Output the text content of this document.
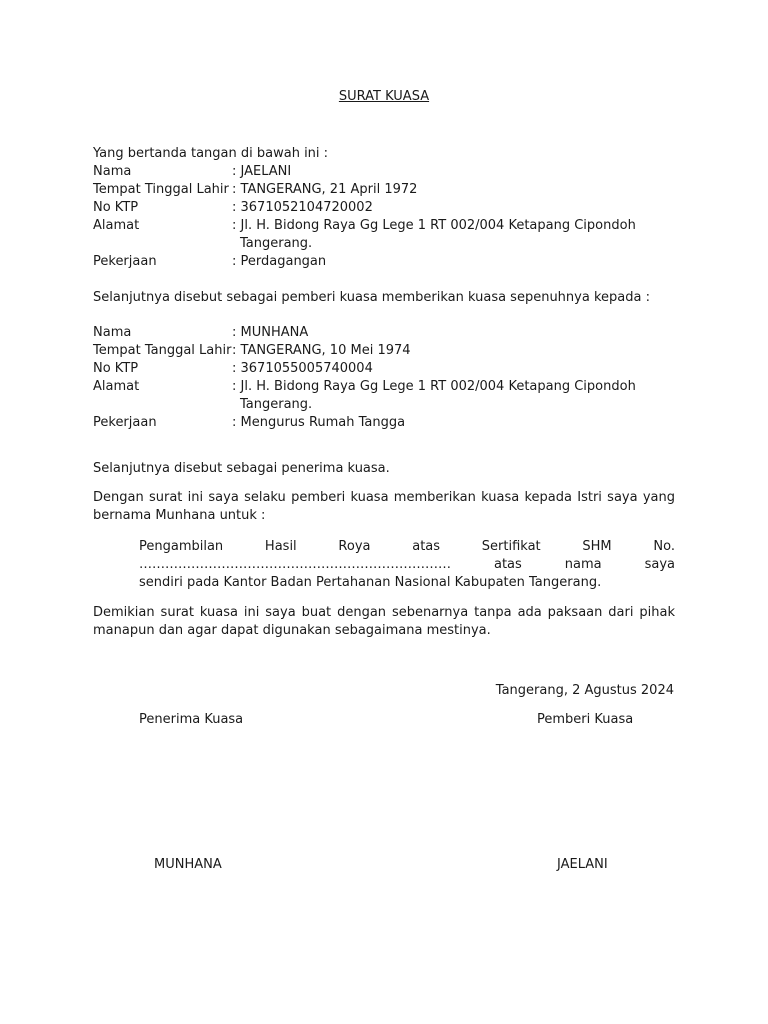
SURAT KUASA
Yang bertanda tangan di bawah ini :
Nama	: JAELANI
Tempat Tinggal Lahir : TANGERANG, 21 April 1972
No KTP	: 3671052104720002
Alamat	: Jl. H. Bidong Raya Gg Lege 1 RT 002/004 Ketapang Cipondoh
Tangerang.
Pekerjaan	: Perdagangan
Selanjutnya disebut sebagai pemberi kuasa memberikan kuasa sepenuhnya kepada :
Nama	: MUNHANA
Tempat Tanggal Lahir : TANGERANG, 10 Mei 1974
No KTP	: 3671055005740004
Alamat	: Jl. H. Bidong Raya Gg Lege 1 RT 002/004 Ketapang Cipondoh
Tangerang.
Pekerjaan	: Mengurus Rumah Tangga
Selanjutnya disebut sebagai penerima kuasa.
Dengan surat ini saya selaku pemberi kuasa memberikan kuasa kepada Istri saya yang
bernama Munhana untuk :
Pengambilan Hasil Roya atas Sertifikat SHM No.
……………………………………………………………… atas nama saya
sendiri pada Kantor Badan Pertahanan Nasional Kabupaten Tangerang.
Demikian surat kuasa ini saya buat dengan sebenarnya tanpa ada paksaan dari pihak
manapun dan agar dapat digunakan sebagaimana mestinya.
Tangerang, 2 Agustus 2024
Penerima Kuasa	Pemberi Kuasa
MUNHANA	JAELANI
